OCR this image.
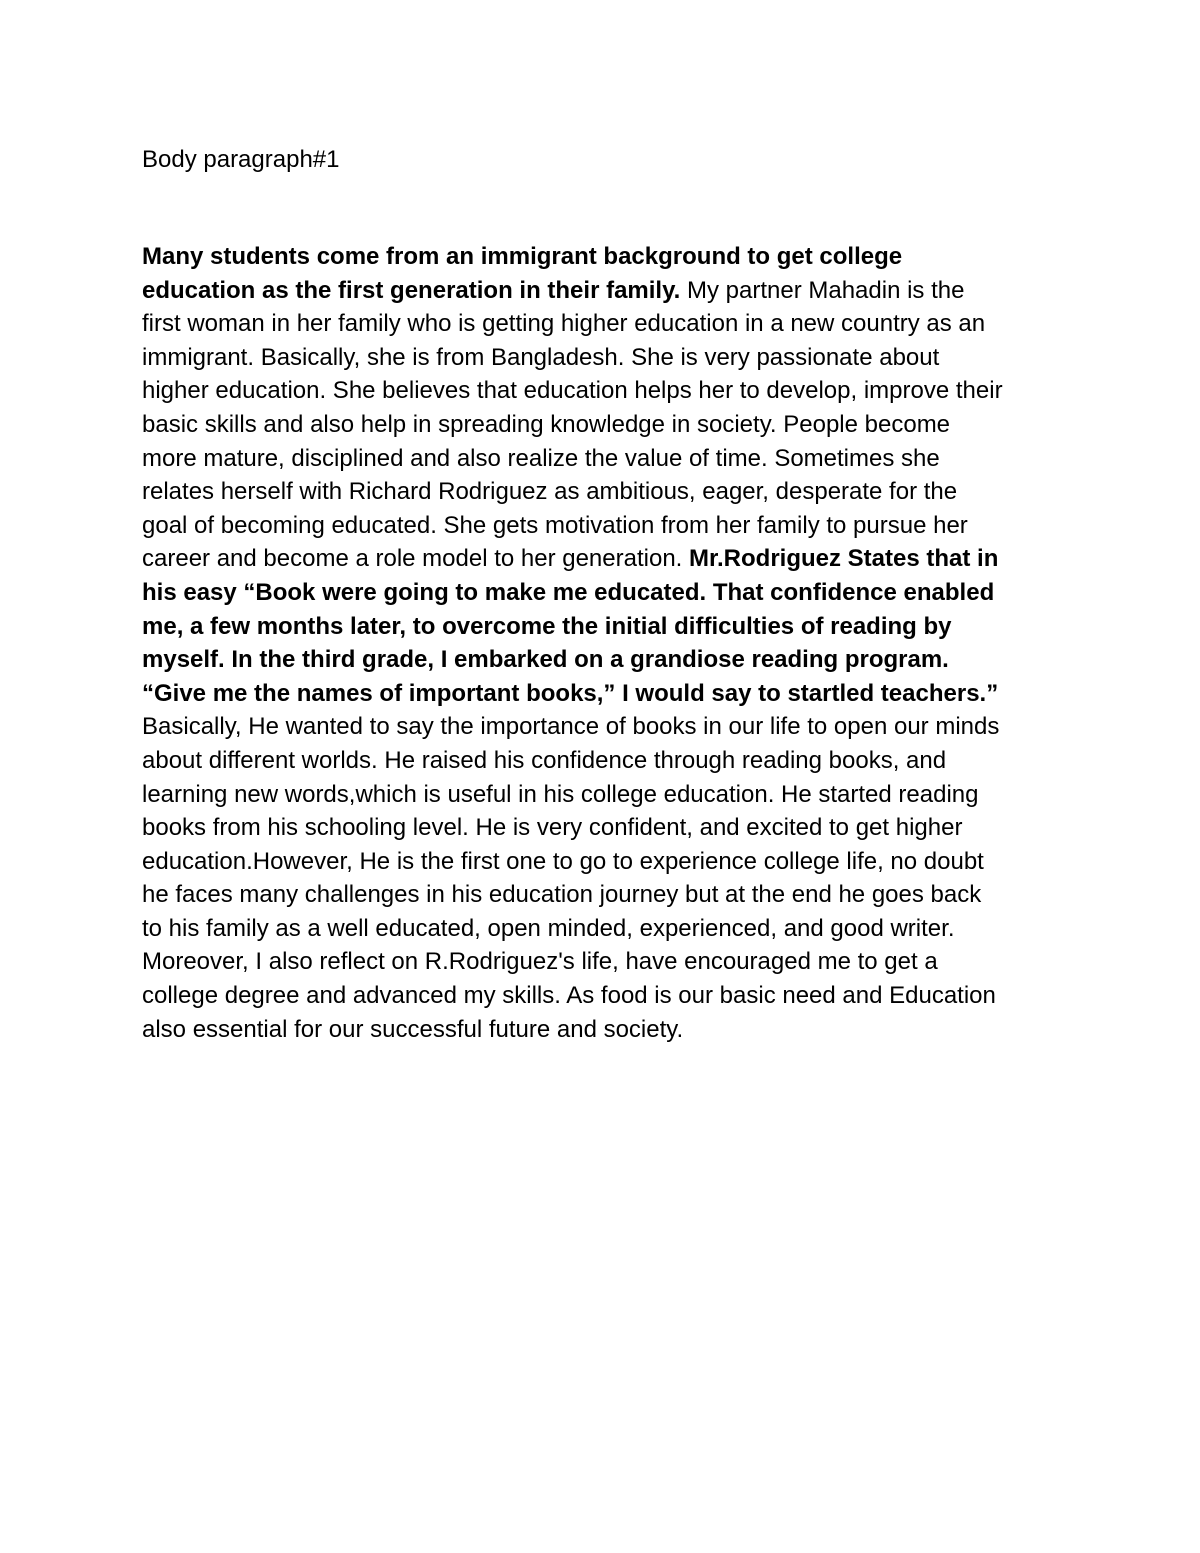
Body paragraph#1
Many students come from an immigrant background to get college
education as the first generation in their family. My partner Mahadin is the
first woman in her family who is getting higher education in a new country as an
immigrant. Basically, she is from Bangladesh. She is very passionate about
higher education. She believes that education helps her to develop, improve their
basic skills and also help in spreading knowledge in society. People become
more mature, disciplined and also realize the value of time. Sometimes she
relates herself with Richard Rodriguez as ambitious, eager, desperate for the
goal of becoming educated. She gets motivation from her family to pursue her
career and become a role model to her generation. Mr.Rodriguez States that in
his easy “Book were going to make me educated. That confidence enabled
me, a few months later, to overcome the initial difficulties of reading by
myself. In the third grade, I embarked on a grandiose reading program.
“Give me the names of important books,” I would say to startled teachers.”
Basically, He wanted to say the importance of books in our life to open our minds
about different worlds. He raised his confidence through reading books, and
learning new words,which is useful in his college education. He started reading
books from his schooling level. He is very confident, and excited to get higher
education.However, He is the first one to go to experience college life, no doubt
he faces many challenges in his education journey but at the end he goes back
to his family as a well educated, open minded, experienced, and good writer.
Moreover, I also reflect on R.Rodriguez's life, have encouraged me to get a
college degree and advanced my skills. As food is our basic need and Education
also essential for our successful future and society.
